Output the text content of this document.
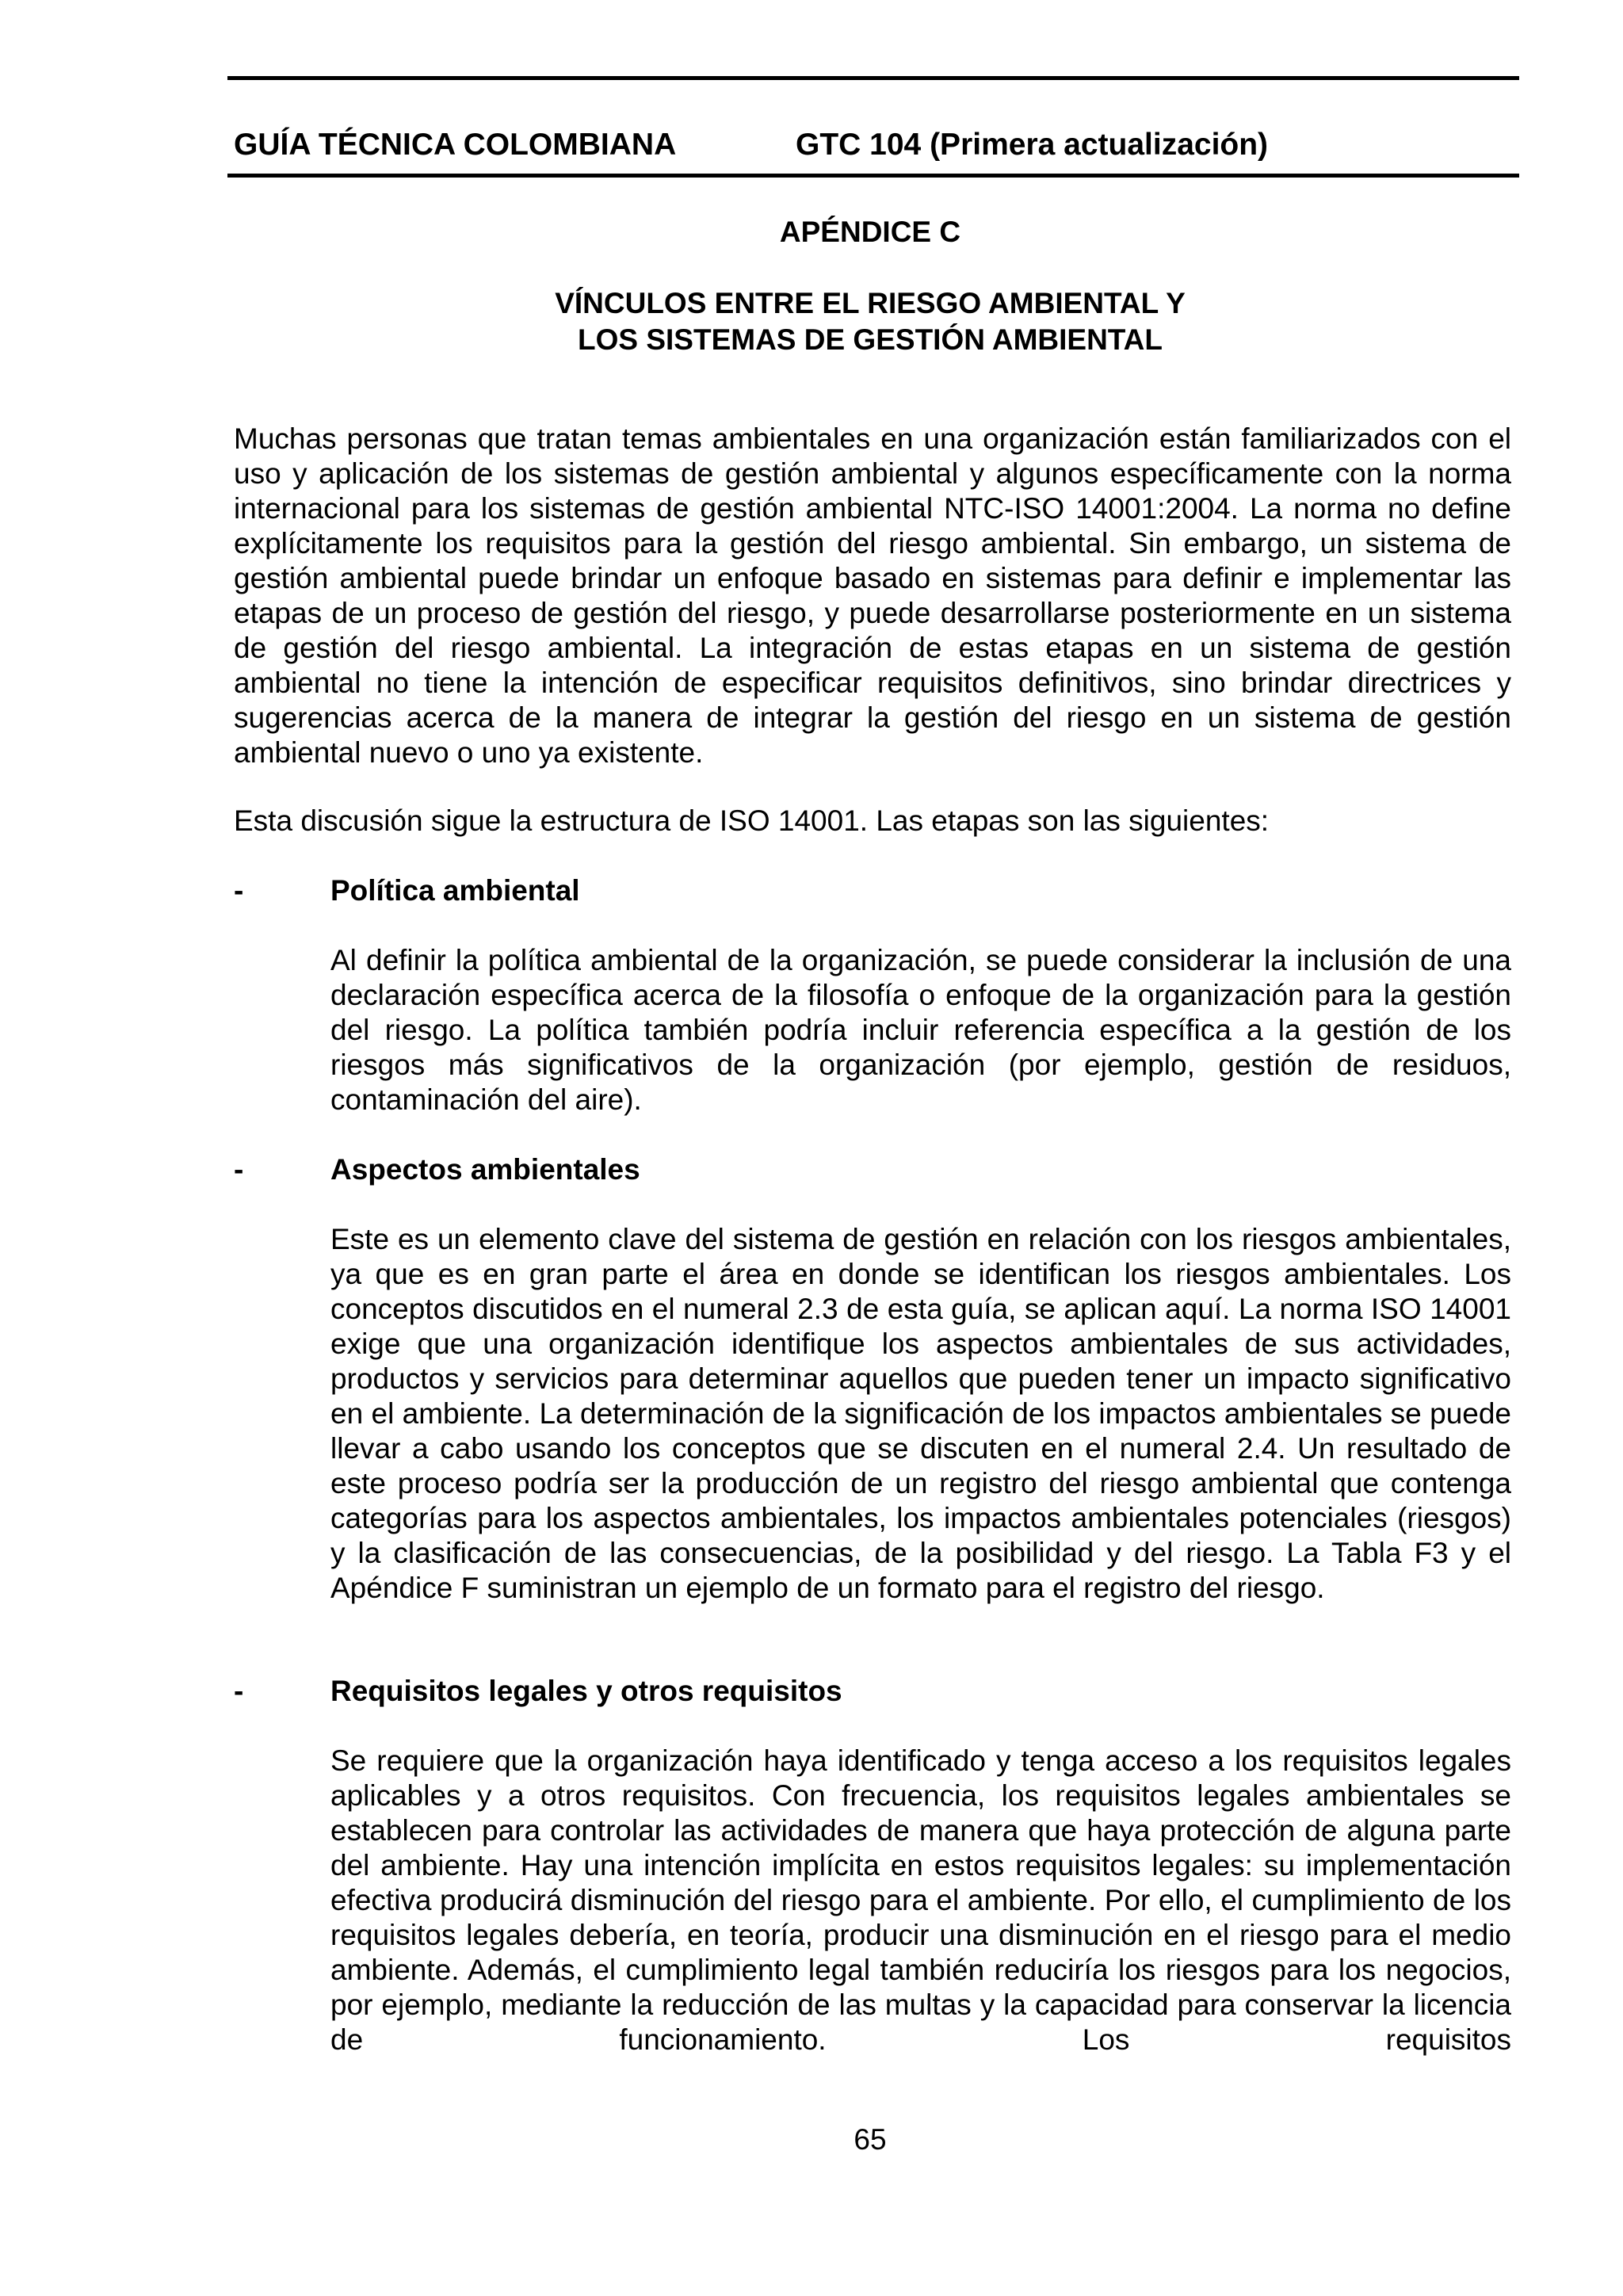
GUÍA TÉCNICA COLOMBIANA	GTC 104 (Primera actualización)
APÉNDICE C
VÍNCULOS ENTRE EL RIESGO AMBIENTAL Y
LOS SISTEMAS DE GESTIÓN AMBIENTAL

Muchas personas que tratan temas ambientales en una organización están familiarizados con el uso y aplicación de los sistemas de gestión ambiental y algunos específicamente con la norma internacional para los sistemas de gestión ambiental NTC-ISO 14001:2004. La norma no define explícitamente los requisitos para la gestión del riesgo ambiental. Sin embargo, un sistema de gestión ambiental puede brindar un enfoque basado en sistemas para definir e implementar las etapas de un proceso de gestión del riesgo, y puede desarrollarse posteriormente en un sistema de gestión del riesgo ambiental. La integración de estas etapas en un sistema de gestión ambiental no tiene la intención de especificar requisitos definitivos, sino brindar directrices y sugerencias acerca de la manera de integrar la gestión del riesgo en un sistema de gestión ambiental nuevo o uno ya existente.

Esta discusión sigue la estructura de ISO 14001. Las etapas son las siguientes:

-	Política ambiental

Al definir la política ambiental de la organización, se puede considerar la inclusión de una declaración específica acerca de la filosofía o enfoque de la organización para la gestión del riesgo. La política también podría incluir referencia específica a la gestión de los riesgos más significativos de la organización (por ejemplo, gestión de residuos, contaminación del aire).

-	Aspectos ambientales

Este es un elemento clave del sistema de gestión en relación con los riesgos ambientales, ya que es en gran parte el área en donde se identifican los riesgos ambientales. Los conceptos discutidos en el numeral 2.3 de esta guía, se aplican aquí. La norma ISO 14001 exige que una organización identifique los aspectos ambientales de sus actividades, productos y servicios para determinar aquellos que pueden tener un impacto significativo en el ambiente. La determinación de la significación de los impactos ambientales se puede llevar a cabo usando los conceptos que se discuten en el numeral 2.4. Un resultado de este proceso podría ser la producción de un registro del riesgo ambiental que contenga categorías para los aspectos ambientales, los impactos ambientales potenciales (riesgos) y la clasificación de las consecuencias, de la posibilidad y del riesgo. La Tabla F3 y el Apéndice F suministran un ejemplo de un formato para el registro del riesgo.

-	Requisitos legales y otros requisitos

Se requiere que la organización haya identificado y tenga acceso a los requisitos legales aplicables y a otros requisitos. Con frecuencia, los requisitos legales ambientales se establecen para controlar las actividades de manera que haya protección de alguna parte del ambiente. Hay una intención implícita en estos requisitos legales: su implementación efectiva producirá disminución del riesgo para el ambiente. Por ello, el cumplimiento de los requisitos legales debería, en teoría, producir una disminución en el riesgo para el medio ambiente. Además, el cumplimiento legal también reduciría los riesgos para los negocios, por ejemplo, mediante la reducción de las multas y la capacidad para conservar la licencia de funcionamiento. Los requisitos

65
